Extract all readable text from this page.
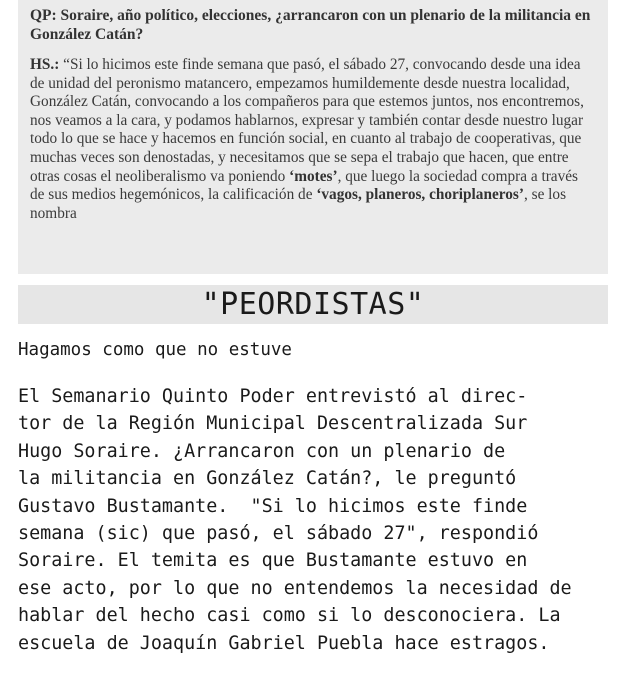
QP: Soraire, año político, elecciones, ¿arrancaron con un plenario de la militancia en González Catán?

HS.: “Si lo hicimos este finde semana que pasó, el sábado 27, convocando desde una idea de unidad del peronismo matancero, empezamos humildemente desde nuestra localidad, González Catán, convocando a los compañeros para que estemos juntos, nos encontremos, nos veamos a la cara, y podamos hablarnos, expresar y también contar desde nuestro lugar todo lo que se hace y hacemos en función social, en cuanto al trabajo de cooperativas, que muchas veces son denostadas, y necesitamos que se sepa el trabajo que hacen, que entre otras cosas el neoliberalismo va poniendo ‘motes’, que luego la sociedad compra a través de sus medios hegemónicos, la calificación de ‘vagos, planeros, choriplaneros’, se los nombra

"PEORDISTAS"
Hagamos como que no estuve
El Semanario Quinto Poder entrevistó al direc-
tor de la Región Municipal Descentralizada Sur
Hugo Soraire. ¿Arrancaron con un plenario de
la militancia en González Catán?, le preguntó
Gustavo Bustamante.  "Si lo hicimos este finde
semana (sic) que pasó, el sábado 27", respondió
Soraire. El temita es que Bustamante estuvo en
ese acto, por lo que no entendemos la necesidad de
hablar del hecho casi como si lo desconociera. La
escuela de Joaquín Gabriel Puebla hace estragos.
